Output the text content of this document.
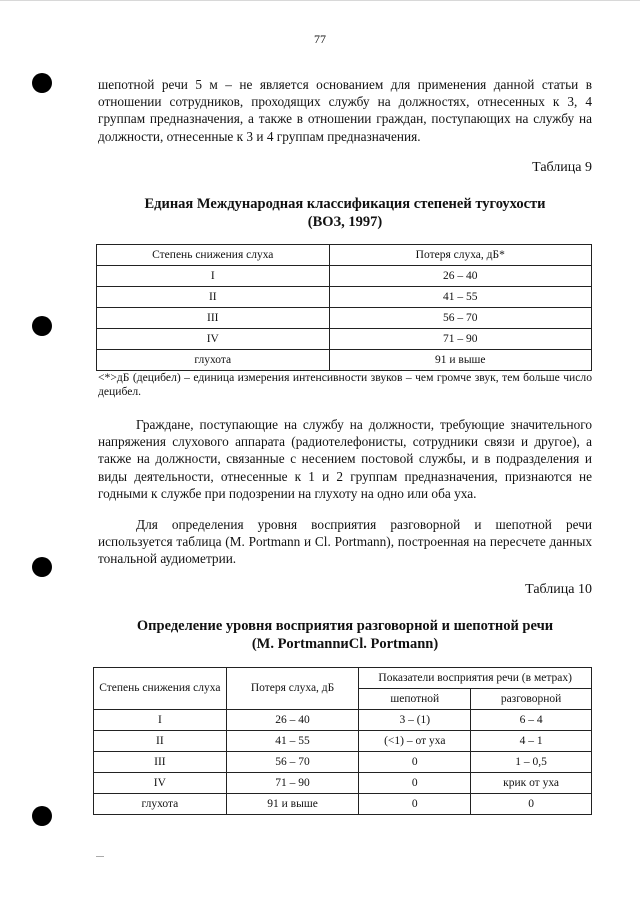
77
шепотной речи 5 м – не является основанием для применения данной статьи в отношении сотрудников, проходящих службу на должностях, отнесенных к 3, 4 группам предназначения, а также в отношении граждан, поступающих на службу на должности, отнесенные к 3 и 4 группам предназначения.
Таблица 9
Единая Международная классификация степеней тугоухости
(ВОЗ, 1997)
Степень снижения слуха	Потеря слуха, дБ*
I	26 – 40
II	41 – 55
III	56 – 70
IV	71 – 90
глухота	91 и выше
<*>дБ (децибел) – единица измерения интенсивности звуков – чем громче звук, тем больше число децибел.
Граждане, поступающие на службу на должности, требующие значительного напряжения слухового аппарата (радиотелефонисты, сотрудники связи и другое), а также на должности, связанные с несением постовой службы, и в подразделения и виды деятельности, отнесенные к 1 и 2 группам предназначения, признаются не годными к службе при подозрении на глухоту на одно или оба уха.
Для определения уровня восприятия разговорной и шепотной речи используется таблица (M. Portmann и Cl. Portmann), построенная на пересчете данных тональной аудиометрии.
Таблица 10
Определение уровня восприятия разговорной и шепотной речи
(M. PortmannиCl. Portmann)
Степень снижения слуха	Потеря слуха, дБ	Показатели восприятия речи (в метрах)	
		шепотной	разговорной
I	26 – 40	3 – (1)	6 – 4
II	41 – 55	(<1) – от уха	4 – 1
III	56 – 70	0	1 – 0,5
IV	71 – 90	0	крик от уха
глухота	91 и выше	0	0
